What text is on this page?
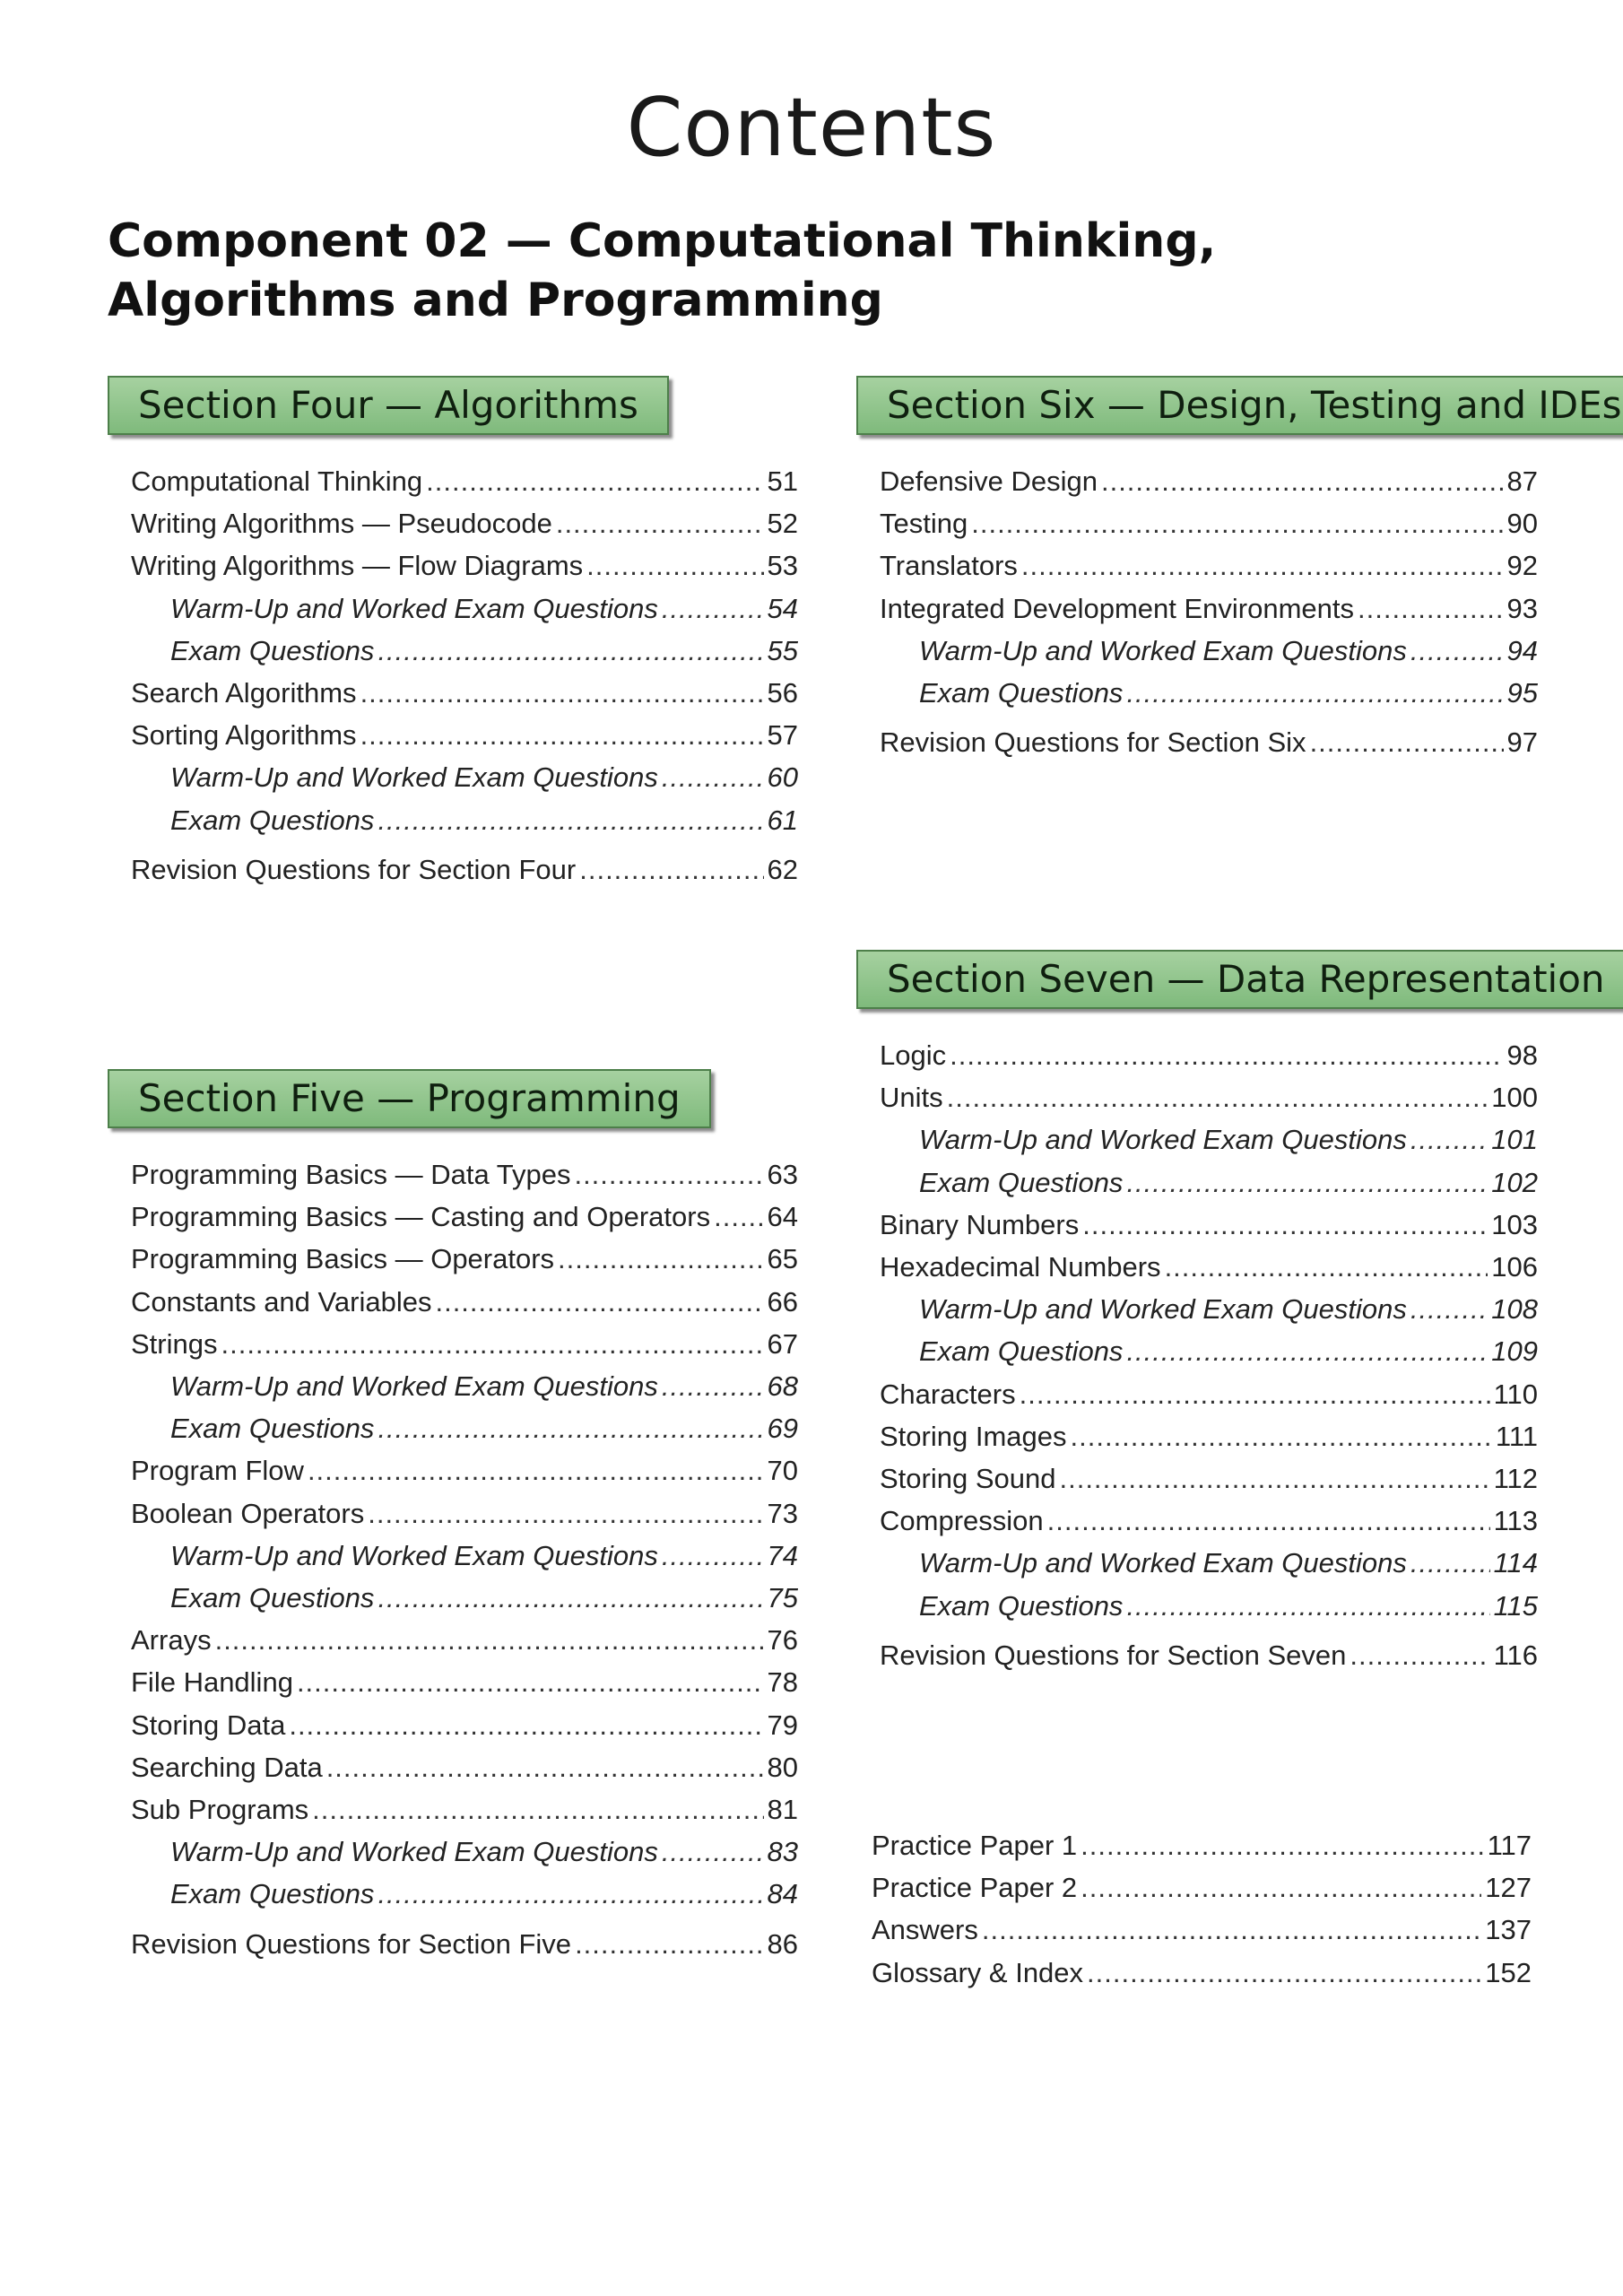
Contents
Component 02 — Computational Thinking,
Algorithms and Programming
Section Four — Algorithms
Computational Thinking .....	51
Writing Algorithms — Pseudocode .....	52
Writing Algorithms — Flow Diagrams .....	53
Warm-Up and Worked Exam Questions .....	54
Exam Questions .....	55
Search Algorithms .....	56
Sorting Algorithms .....	57
Warm-Up and Worked Exam Questions .....	60
Exam Questions .....	61
Revision Questions for Section Four .....	62
Section Five — Programming
Programming Basics — Data Types .....	63
Programming Basics — Casting and Operators ..... 64
Programming Basics — Operators .....	65
Constants and Variables .....	66
Strings .....	67
Warm-Up and Worked Exam Questions .....	68
Exam Questions .....	69
Program Flow .....	70
Boolean Operators .....	73
Warm-Up and Worked Exam Questions .....	74
Exam Questions .....	75
Arrays .....	76
File Handling .....	78
Storing Data .....	79
Searching Data .....	80
Sub Programs .....	81
Warm-Up and Worked Exam Questions .....	83
Exam Questions .....	84
Revision Questions for Section Five .....	86
Section Six — Design, Testing and IDEs
Defensive Design .....	87
Testing .....	90
Translators .....	92
Integrated Development Environments .....	93
Warm-Up and Worked Exam Questions .....	94
Exam Questions .....	95
Revision Questions for Section Six .....	97
Section Seven — Data Representation
Logic .....	98
Units .....	100
Warm-Up and Worked Exam Questions .....	101
Exam Questions .....	102
Binary Numbers .....	103
Hexadecimal Numbers .....	106
Warm-Up and Worked Exam Questions .....	108
Exam Questions .....	109
Characters .....	110
Storing Images .....	111
Storing Sound .....	112
Compression .....	113
Warm-Up and Worked Exam Questions .....	114
Exam Questions .....	115
Revision Questions for Section Seven .....	116
Practice Paper 1 .....	117
Practice Paper 2 .....	127
Answers .....	137
Glossary & Index .....	152
